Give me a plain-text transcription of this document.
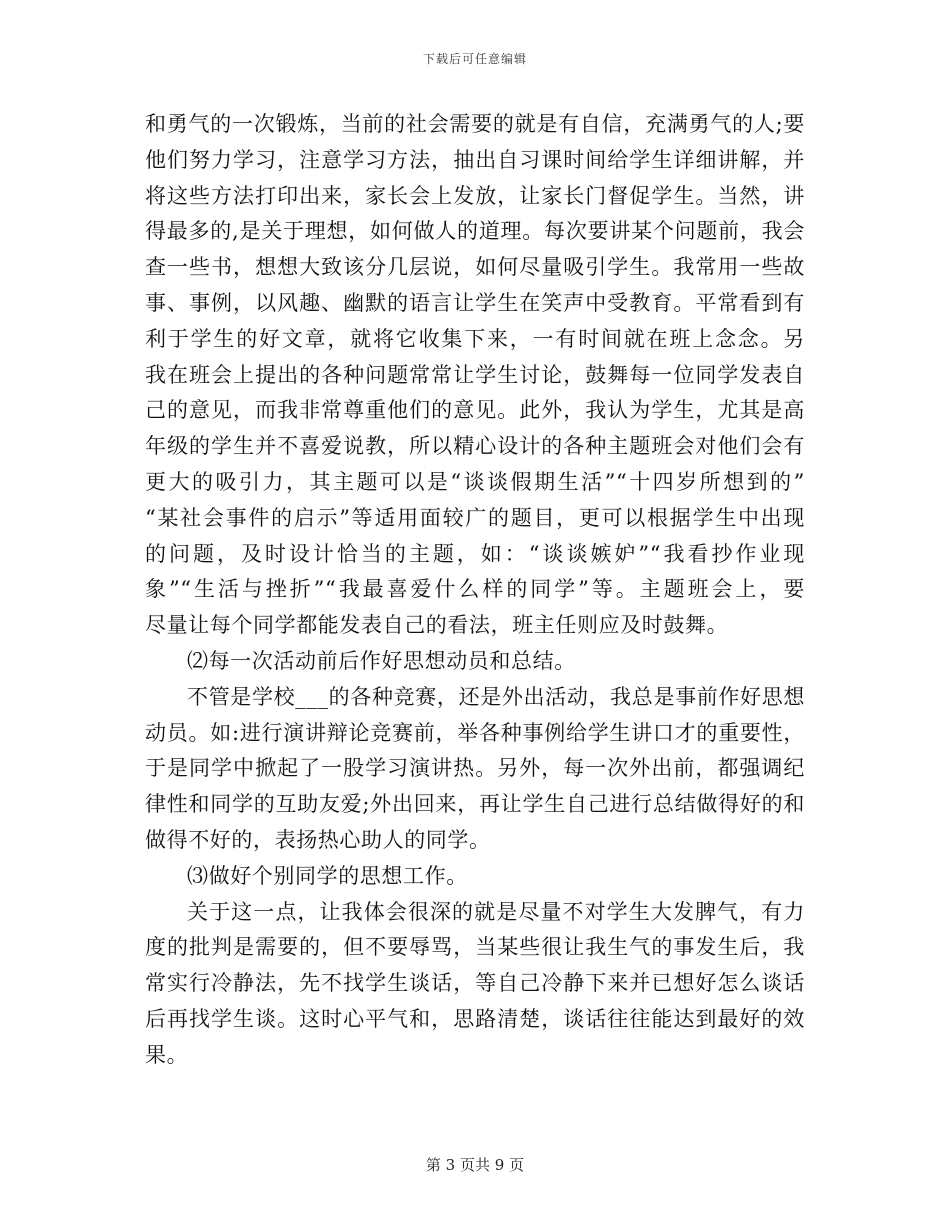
下载后可任意编辑
和勇气的一次锻炼，当前的社会需要的就是有自信，充满勇气的人;要
他们努力学习，注意学习方法，抽出自习课时间给学生详细讲解，并
将这些方法打印出来，家长会上发放，让家长门督促学生。当然，讲
得最多的,是关于理想，如何做人的道理。每次要讲某个问题前，我会
查一些书，想想大致该分几层说，如何尽量吸引学生。我常用一些故
事、事例，以风趣、幽默的语言让学生在笑声中受教育。平常看到有
利于学生的好文章，就将它收集下来，一有时间就在班上念念。另
我在班会上提出的各种问题常常让学生讨论，鼓舞每一位同学发表自
己的意见，而我非常尊重他们的意见。此外，我认为学生，尤其是高
年级的学生并不喜爱说教，所以精心设计的各种主题班会对他们会有
更大的吸引力，其主题可以是“谈谈假期生活”“十四岁所想到的”
“某社会事件的启示”等适用面较广的题目，更可以根据学生中出现
的问题，及时设计恰当的主题，如：“谈谈嫉妒”“我看抄作业现
象”“生活与挫折”“我最喜爱什么样的同学”等。主题班会上，要
尽量让每个同学都能发表自己的看法，班主任则应及时鼓舞。
⑵每一次活动前后作好思想动员和总结。
不管是学校___的各种竞赛，还是外出活动，我总是事前作好思想
动员。如:进行演讲辩论竞赛前，举各种事例给学生讲口才的重要性，
于是同学中掀起了一股学习演讲热。另外，每一次外出前，都强调纪
律性和同学的互助友爱;外出回来，再让学生自己进行总结做得好的和
做得不好的，表扬热心助人的同学。
⑶做好个别同学的思想工作。
关于这一点，让我体会很深的就是尽量不对学生大发脾气，有力
度的批判是需要的，但不要辱骂，当某些很让我生气的事发生后，我
常实行冷静法，先不找学生谈话，等自己冷静下来并已想好怎么谈话
后再找学生谈。这时心平气和，思路清楚，谈话往往能达到最好的效
果。
第 3 页共 9 页
